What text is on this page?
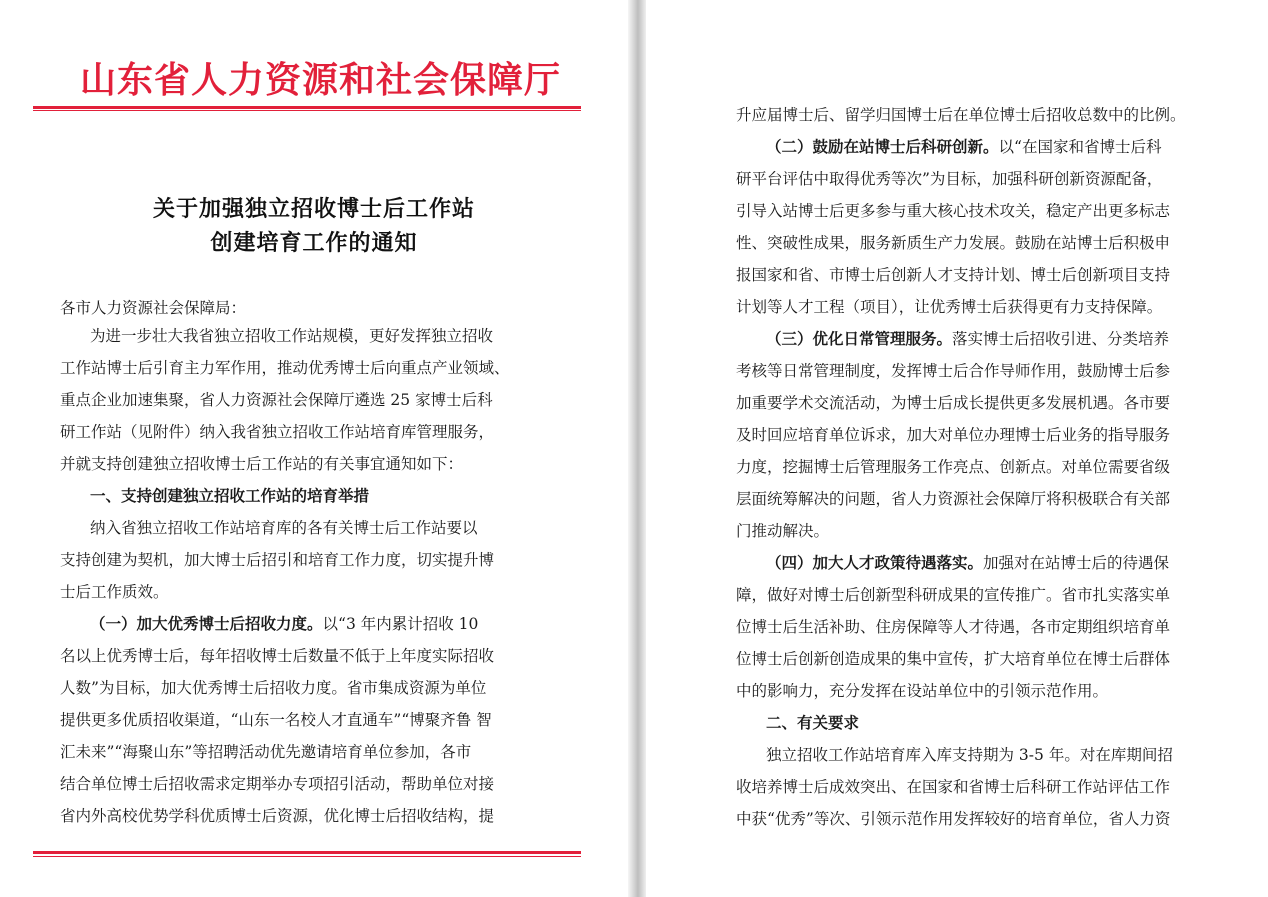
山东省人力资源和社会保障厅
关于加强独立招收博士后工作站
创建培育工作的通知
各市人力资源社会保障局：
为进一步壮大我省独立招收工作站规模，更好发挥独立招收
工作站博士后引育主力军作用，推动优秀博士后向重点产业领域、
重点企业加速集聚，省人力资源社会保障厅遴选 25 家博士后科
研工作站（见附件）纳入我省独立招收工作站培育库管理服务，
并就支持创建独立招收博士后工作站的有关事宜通知如下：
一、支持创建独立招收工作站的培育举措
纳入省独立招收工作站培育库的各有关博士后工作站要以
支持创建为契机，加大博士后招引和培育工作力度，切实提升博
士后工作质效。
（一）加大优秀博士后招收力度。以“3 年内累计招收 10
名以上优秀博士后，每年招收博士后数量不低于上年度实际招收
人数”为目标，加大优秀博士后招收力度。省市集成资源为单位
提供更多优质招收渠道，“山东一名校人才直通车”“博聚齐鲁 智
汇未来”“海聚山东”等招聘活动优先邀请培育单位参加，各市
结合单位博士后招收需求定期举办专项招引活动，帮助单位对接
省内外高校优势学科优质博士后资源，优化博士后招收结构，提
升应届博士后、留学归国博士后在单位博士后招收总数中的比例。
（二）鼓励在站博士后科研创新。以“在国家和省博士后科
研平台评估中取得优秀等次”为目标，加强科研创新资源配备，
引导入站博士后更多参与重大核心技术攻关，稳定产出更多标志
性、突破性成果，服务新质生产力发展。鼓励在站博士后积极申
报国家和省、市博士后创新人才支持计划、博士后创新项目支持
计划等人才工程（项目），让优秀博士后获得更有力支持保障。
（三）优化日常管理服务。落实博士后招收引进、分类培养
考核等日常管理制度，发挥博士后合作导师作用，鼓励博士后参
加重要学术交流活动，为博士后成长提供更多发展机遇。各市要
及时回应培育单位诉求，加大对单位办理博士后业务的指导服务
力度，挖掘博士后管理服务工作亮点、创新点。对单位需要省级
层面统筹解决的问题，省人力资源社会保障厅将积极联合有关部
门推动解决。
（四）加大人才政策待遇落实。加强对在站博士后的待遇保
障，做好对博士后创新型科研成果的宣传推广。省市扎实落实单
位博士后生活补助、住房保障等人才待遇，各市定期组织培育单
位博士后创新创造成果的集中宣传，扩大培育单位在博士后群体
中的影响力，充分发挥在设站单位中的引领示范作用。
二、有关要求
独立招收工作站培育库入库支持期为 3-5 年。对在库期间招
收培养博士后成效突出、在国家和省博士后科研工作站评估工作
中获“优秀”等次、引领示范作用发挥较好的培育单位，省人力资
